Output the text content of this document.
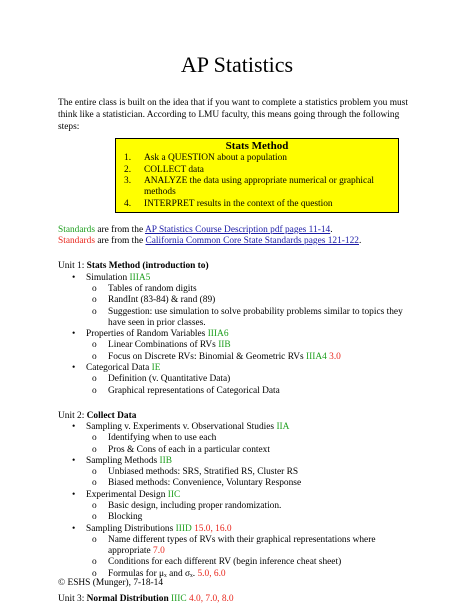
AP Statistics

The entire class is built on the idea that if you want to complete a statistics problem you must think like a statistician. According to LMU faculty, this means going through the following steps:

Stats Method
1. Ask a QUESTION about a population
2. COLLECT data
3. ANALYZE the data using appropriate numerical or graphical methods
4. INTERPRET results in the context of the question
Standards are from the AP Statistics Course Description pdf pages 11-14.
Standards are from the California Common Core State Standards pages 121-122.
Unit 1: Stats Method (introduction to)
• Simulation IIIA5
o Tables of random digits
o RandInt (83-84) & rand (89)
o Suggestion: use simulation to solve probability problems similar to topics they have seen in prior classes.
• Properties of Random Variables IIIA6
o Linear Combinations of RVs IIB
o Focus on Discrete RVs: Binomial & Geometric RVs IIIA4 3.0
• Categorical Data IE
o Definition (v. Quantitative Data)
o Graphical representations of Categorical Data
Unit 2: Collect Data
• Sampling v. Experiments v. Observational Studies IIA
o Identifying when to use each
o Pros & Cons of each in a particular context
• Sampling Methods IIB
o Unbiased methods: SRS, Stratified RS, Cluster RS
o Biased methods: Convenience, Voluntary Response
• Experimental Design IIC
o Basic design, including proper randomization.
o Blocking
• Sampling Distributions IIID 15.0, 16.0
o Name different types of RVs with their graphical representations where appropriate 7.0
o Conditions for each different RV (begin inference cheat sheet)
o Formulas for μₓ and σₓ. 5.0, 6.0
Unit 3: Normal Distribution IIIC 4.0, 7.0, 8.0
© ESHS (Munger), 7-18-14
